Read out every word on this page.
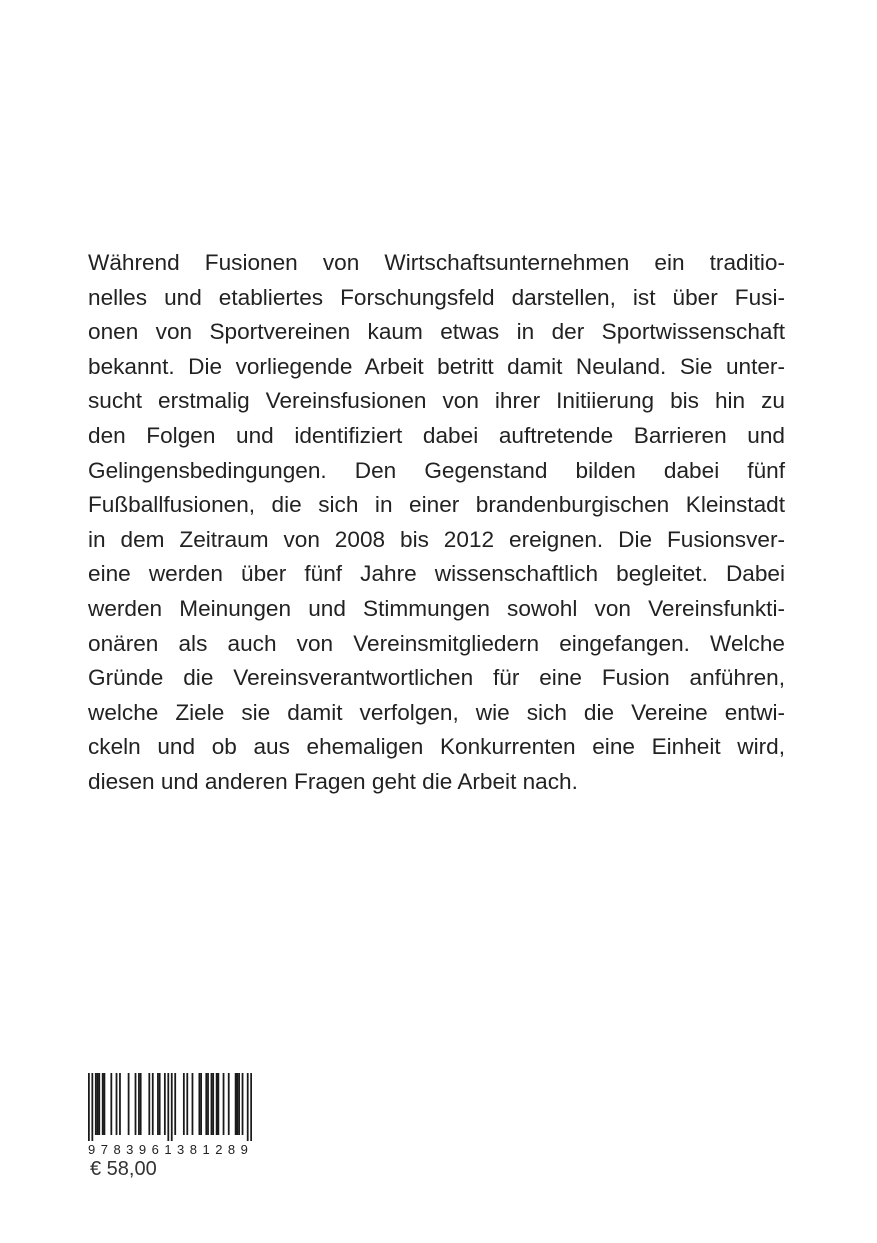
Während Fusionen von Wirtschaftsunternehmen ein traditio-
nelles und etabliertes Forschungsfeld darstellen, ist über Fusi-
onen von Sportvereinen kaum etwas in der Sportwissenschaft
bekannt. Die vorliegende Arbeit betritt damit Neuland. Sie unter-
sucht erstmalig Vereinsfusionen von ihrer Initiierung bis hin zu
den Folgen und identifiziert dabei auftretende Barrieren und
Gelingensbedingungen. Den Gegenstand bilden dabei fünf
Fußballfusionen, die sich in einer brandenburgischen Kleinstadt
in dem Zeitraum von 2008 bis 2012 ereignen. Die Fusionsver-
eine werden über fünf Jahre wissenschaftlich begleitet. Dabei
werden Meinungen und Stimmungen sowohl von Vereinsfunkti-
onären als auch von Vereinsmitgliedern eingefangen. Welche
Gründe die Vereinsverantwortlichen für eine Fusion anführen,
welche Ziele sie damit verfolgen, wie sich die Vereine entwi-
ckeln und ob aus ehemaligen Konkurrenten eine Einheit wird,
diesen und anderen Fragen geht die Arbeit nach.

9 7 8 3 9 6 1 3 8 1 2 8 9
€ 58,00
